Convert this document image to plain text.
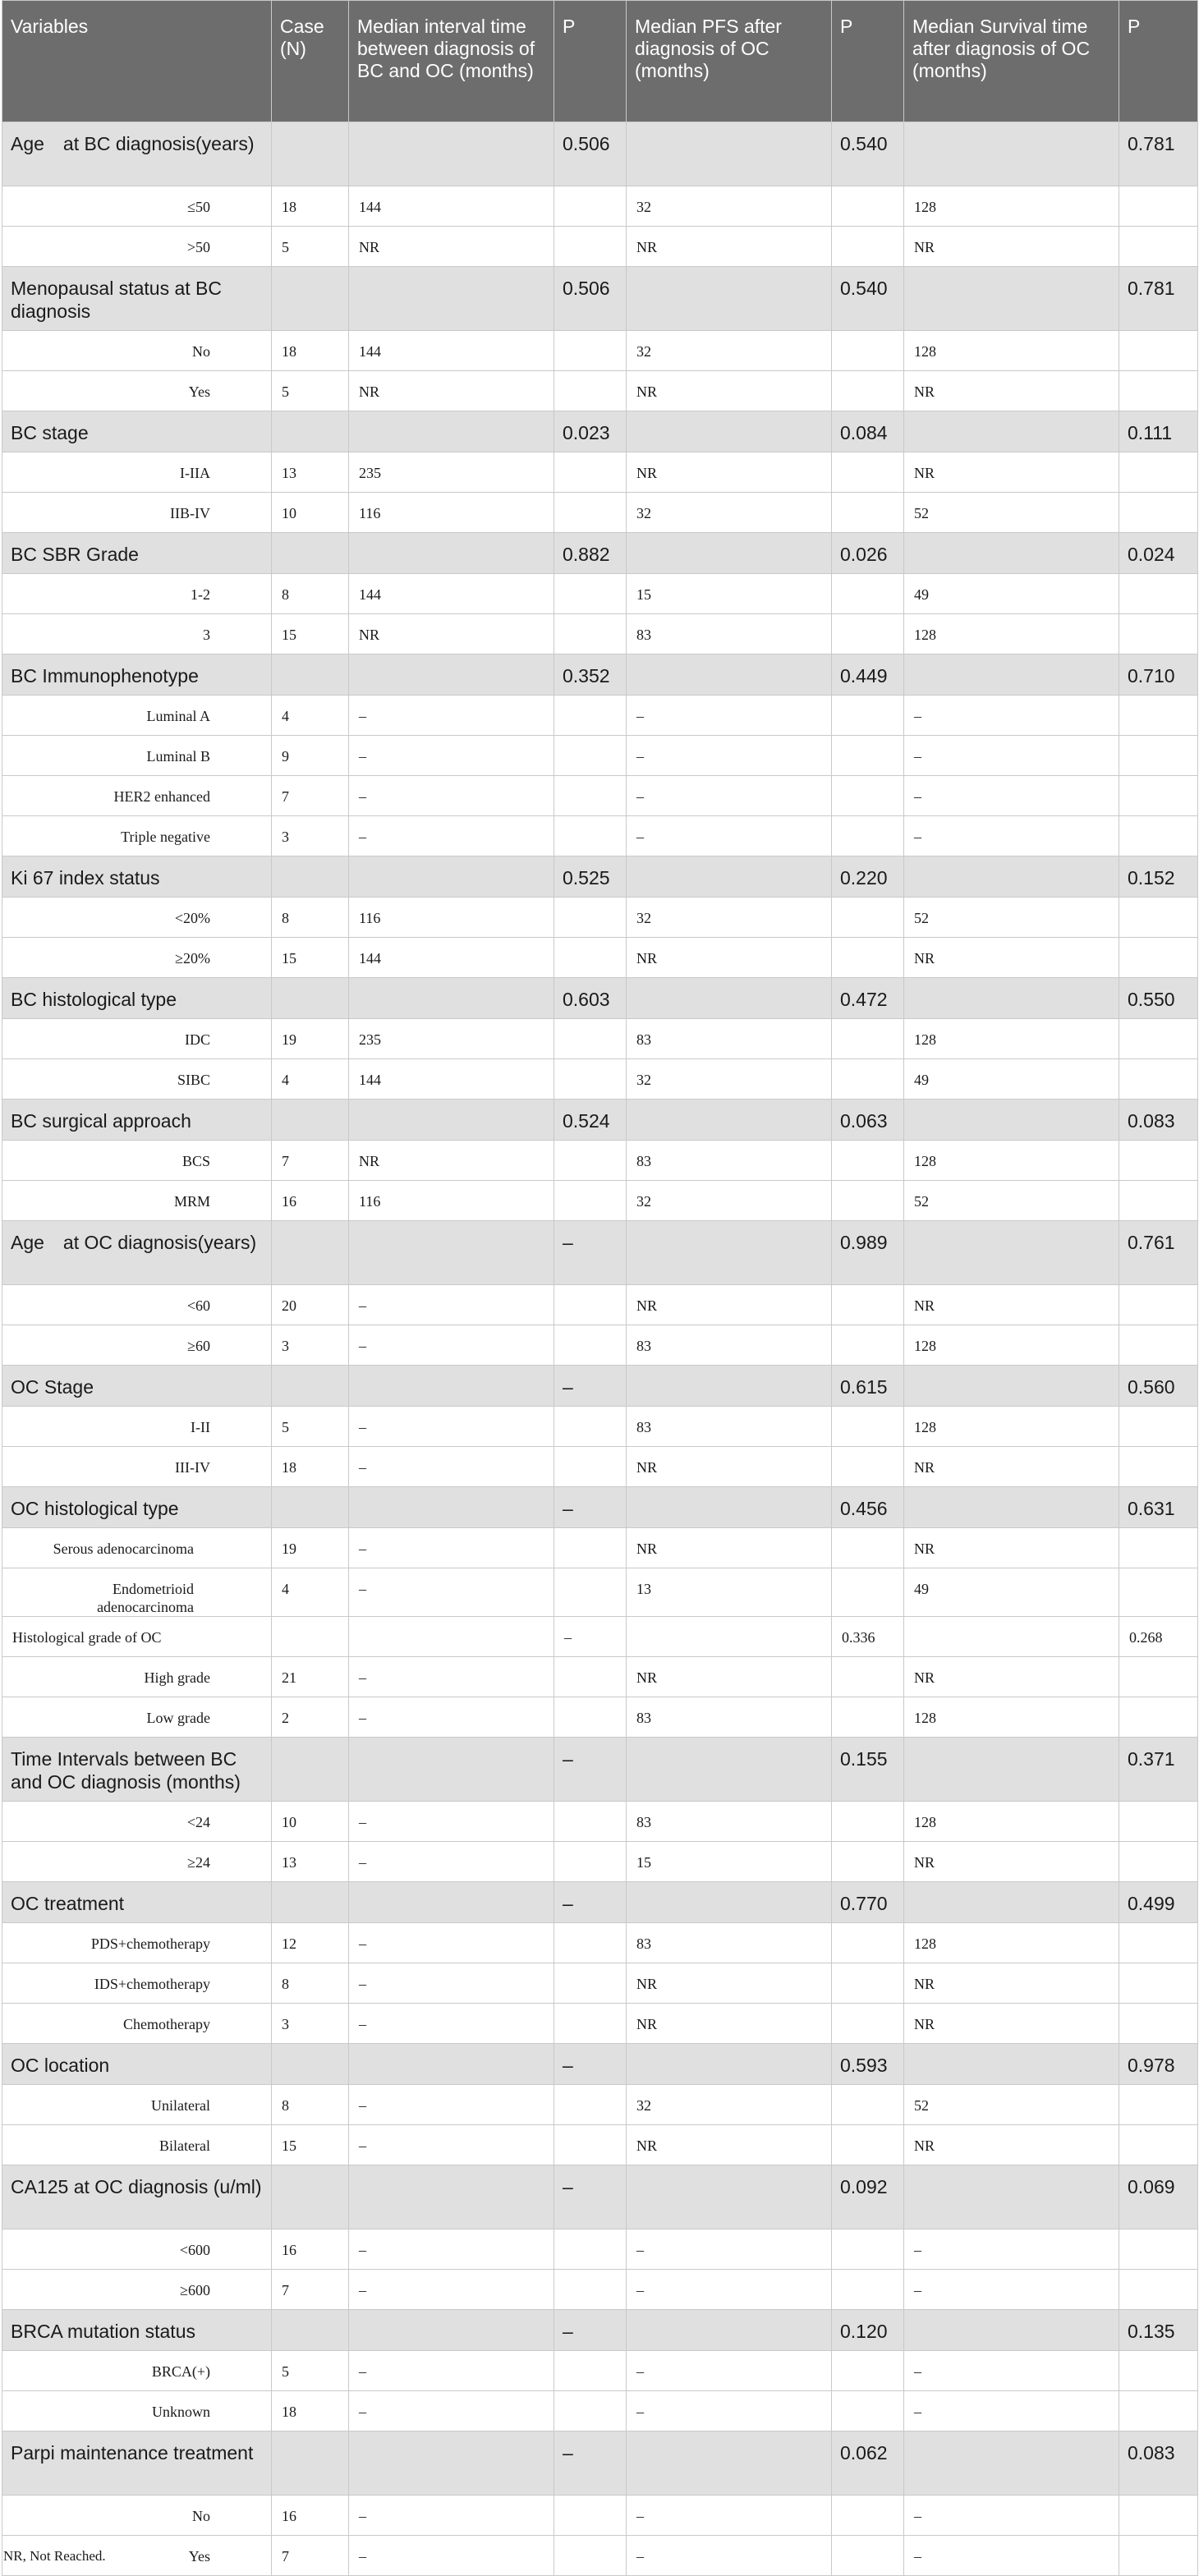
Variables	Case (N)	Median interval time between diagnosis of BC and OC (months)	P	Median PFS after diagnosis of OC (months)	P	Median Survival time after diagnosis of OC (months)	P
Age at BC diagnosis(years)			0.506		0.540		0.781
≤50	18	144		32		128	
>50	5	NR		NR		NR	
Menopausal status at BC diagnosis			0.506		0.540		0.781
No	18	144		32		128	
Yes	5	NR		NR		NR	
BC stage			0.023		0.084		0.111
I-IIA	13	235		NR		NR	
IIB-IV	10	116		32		52	
BC SBR Grade			0.882		0.026		0.024
1-2	8	144		15		49	
3	15	NR		83		128	
BC Immunophenotype			0.352		0.449		0.710
Luminal A	4	–		–		–	
Luminal B	9	–		–		–	
HER2 enhanced	7	–		–		–	
Triple negative	3	–		–		–	
Ki 67 index status			0.525		0.220		0.152
<20%	8	116		32		52	
≥20%	15	144		NR		NR	
BC histological type			0.603		0.472		0.550
IDC	19	235		83		128	
SIBC	4	144		32		49	
BC surgical approach			0.524		0.063		0.083
BCS	7	NR		83		128	
MRM	16	116		32		52	
Age at OC diagnosis(years)			–		0.989		0.761
<60	20	–		NR		NR	
≥60	3	–		83		128	
OC Stage			–		0.615		0.560
I-II	5	–		83		128	
III-IV	18	–		NR		NR	
OC histological type			–		0.456		0.631
Serous adenocarcinoma	19	–		NR		NR	
Endometrioid adenocarcinoma	4	–		13		49	
Histological grade of OC			–		0.336		0.268
High grade	21	–		NR		NR	
Low grade	2	–		83		128	
Time Intervals between BC and OC diagnosis (months)			–		0.155		0.371
<24	10	–		83		128	
≥24	13	–		15		NR	
OC treatment			–		0.770		0.499
PDS+chemotherapy	12	–		83		128	
IDS+chemotherapy	8	–		NR		NR	
Chemotherapy	3	–		NR		NR	
OC location			–		0.593		0.978
Unilateral	8	–		32		52	
Bilateral	15	–		NR		NR	
CA125 at OC diagnosis (u/ml)			–		0.092		0.069
<600	16	–		–		–	
≥600	7	–		–		–	
BRCA mutation status			–		0.120		0.135
BRCA(+)	5	–		–		–	
Unknown	18	–		–		–	
Parpi maintenance treatment			–		0.062		0.083
No	16	–		–		–	
Yes	7	–		–		–	
NR, Not Reached.
